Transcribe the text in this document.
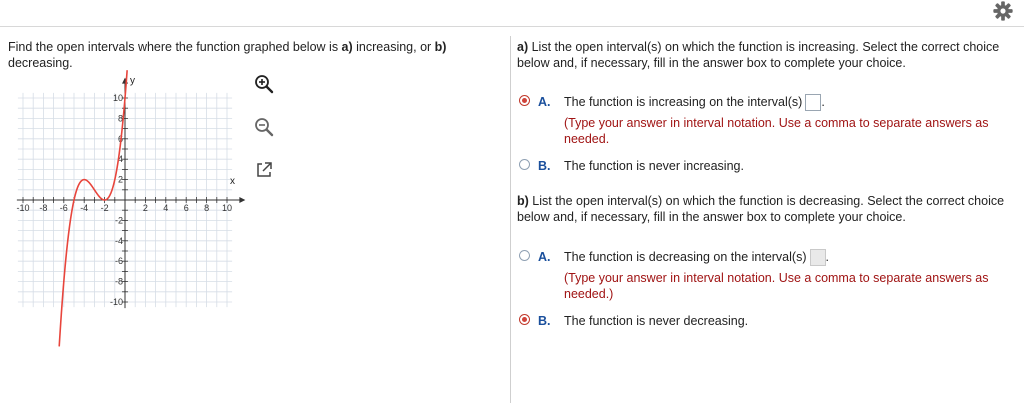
Find the open intervals where the function graphed below is a) increasing, or b) decreasing.
-10 -8 -6 -4 -2	2 4 6 8 10
10
8
6
4
2
-2
-4
-6
-8
-10
y
x

a) List the open interval(s) on which the function is increasing. Select the correct choice below and, if necessary, fill in the answer box to complete your choice.
A. The function is increasing on the interval(s) .
(Type your answer in interval notation. Use a comma to separate answers as needed.
B. The function is never increasing.
b) List the open interval(s) on which the function is decreasing. Select the correct choice below and, if necessary, fill in the answer box to complete your choice.
A. The function is decreasing on the interval(s) .
(Type your answer in interval notation. Use a comma to separate answers as needed.)
B. The function is never decreasing.
